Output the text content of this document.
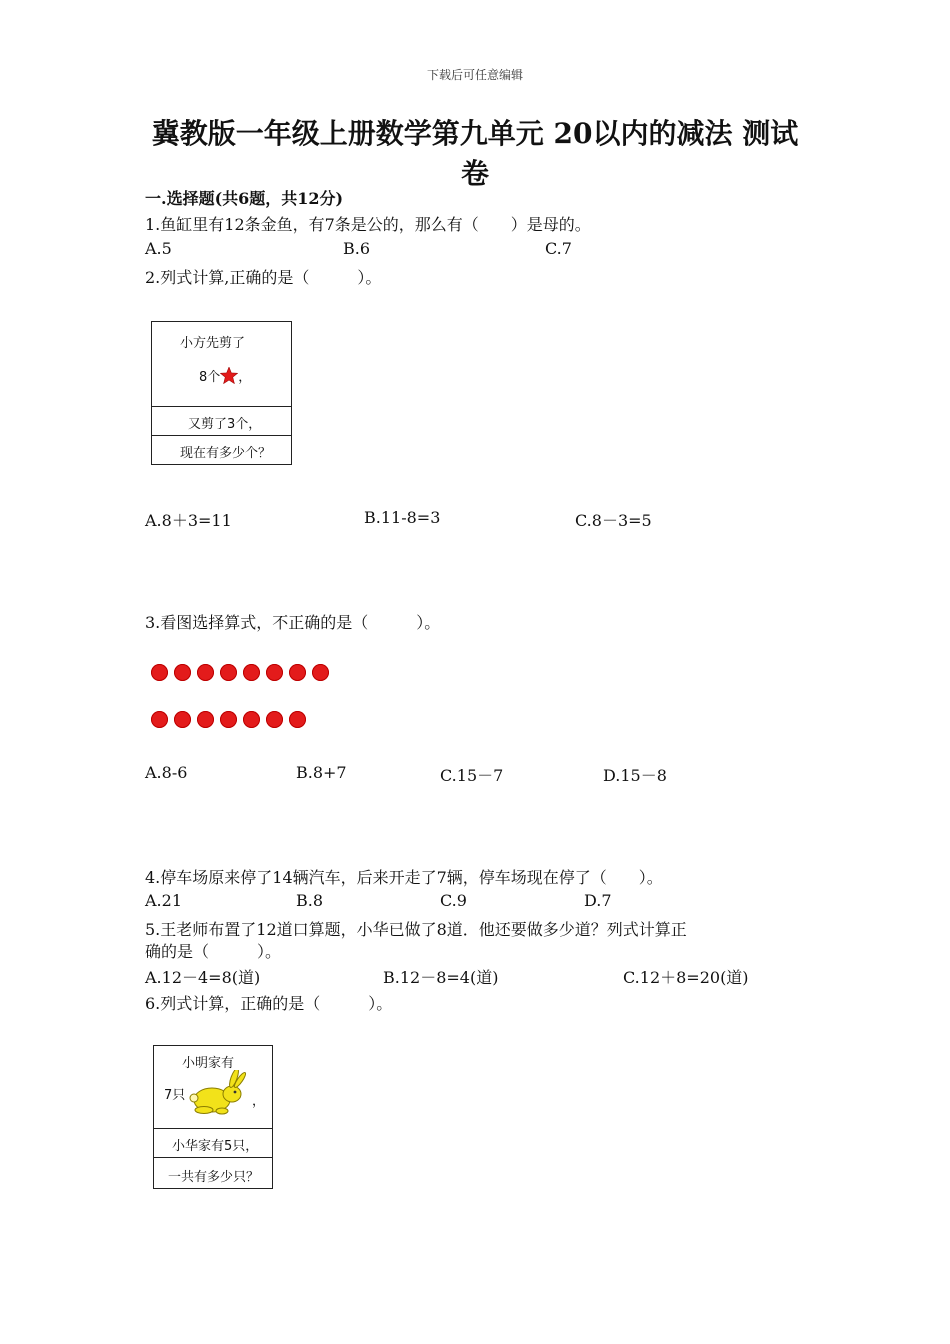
下载后可任意编辑
冀教版一年级上册数学第九单元 20以内的减法 测试卷
一.选择题(共6题，共12分)
1.鱼缸里有12条金鱼，有7条是公的，那么有（　　）是母的。
A.5	B.6	C.7
2.列式计算,正确的是（　　　）。
小方先剪了
8个 ，
又剪了3个，
现在有多少个？
A.8＋3=11	B.11-8=3	C.8－3=5
3.看图选择算式，不正确的是（　　　）。
A.8-6	B.8+7	C.15－7	D.15－8
4.停车场原来停了14辆汽车，后来开走了7辆，停车场现在停了（　　）。
A.21	B.8	C.9	D.7
5.王老师布置了12道口算题，小华已做了8道．他还要做多少道？列式计算正
确的是（　　　）。
A.12－4=8(道)	B.12－8=4(道)	C.12＋8=20(道)
6.列式计算，正确的是（　　　）。
小明家有
7只	，
小华家有5只，
一共有多少只？
